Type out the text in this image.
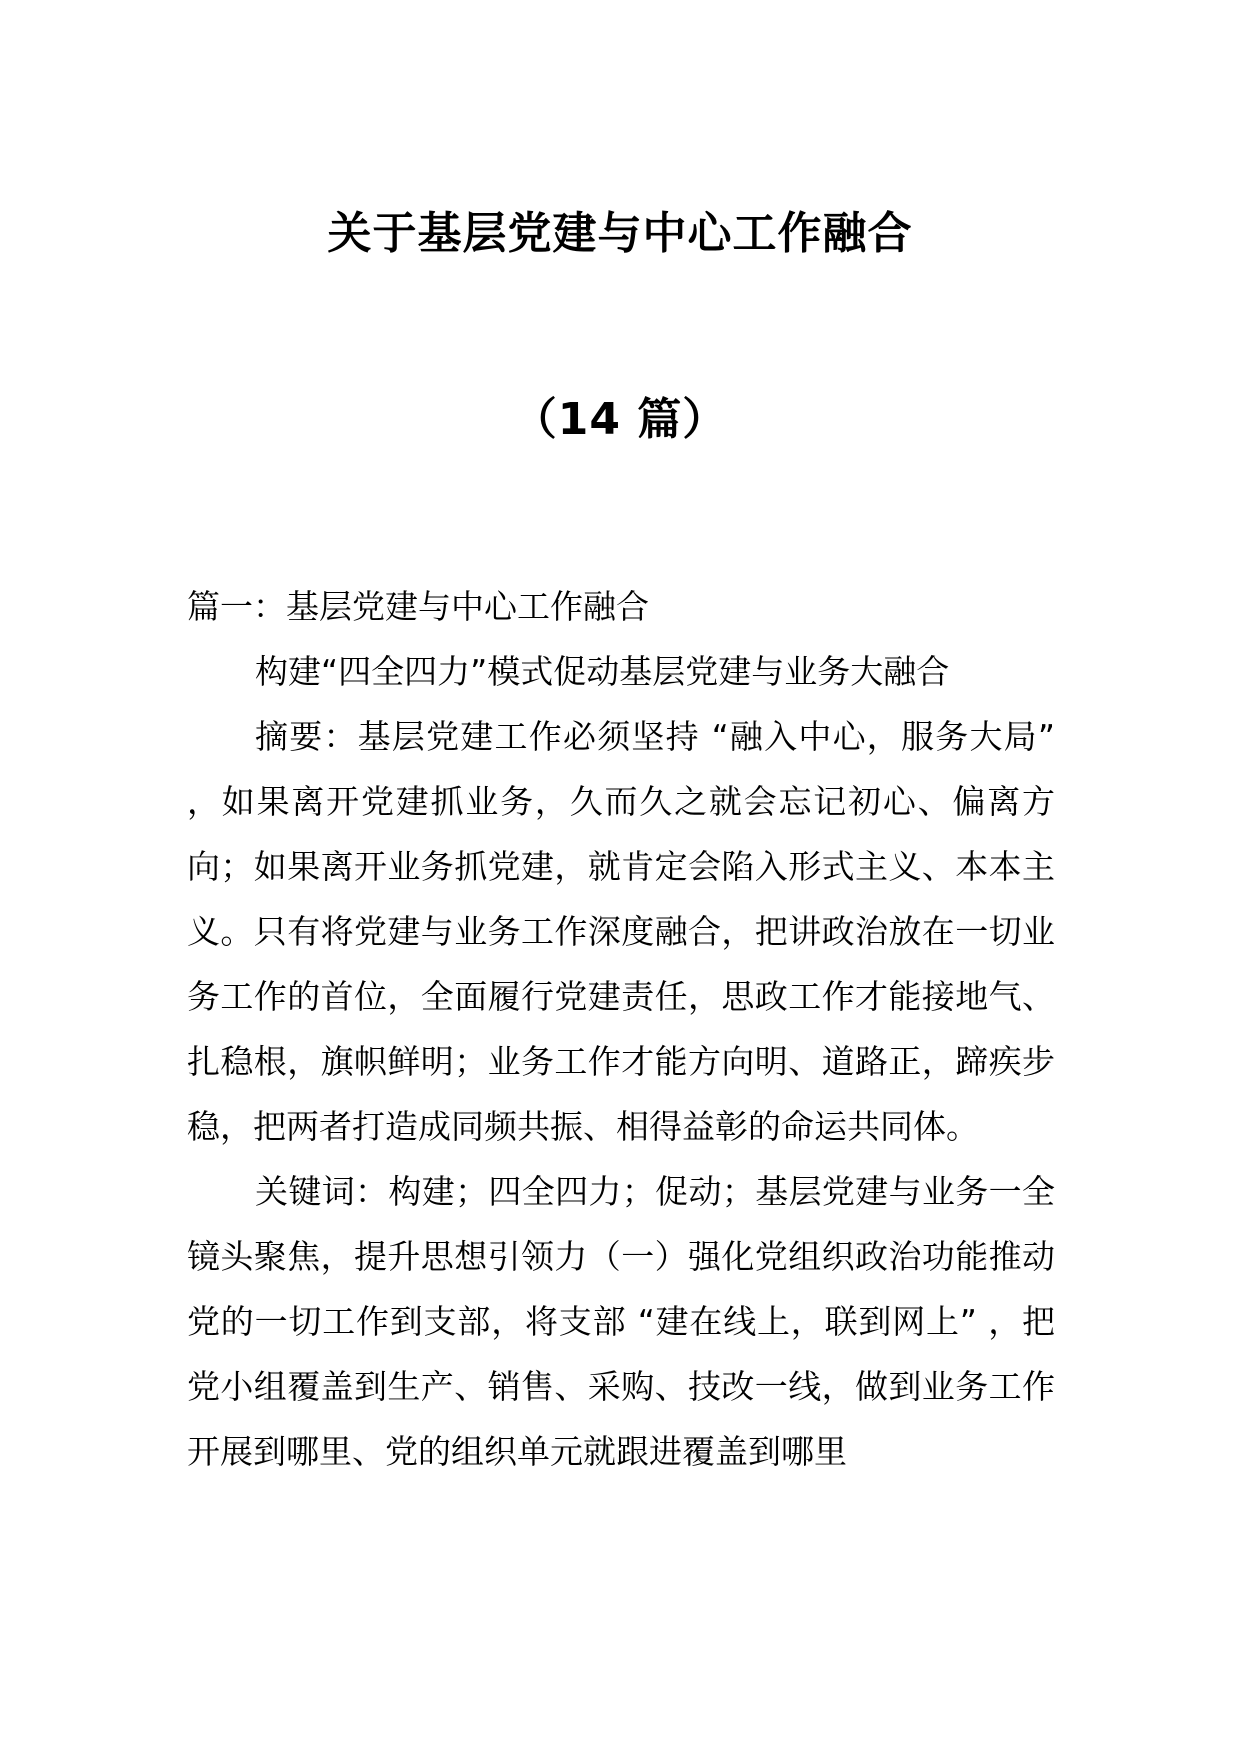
关于基层党建与中心工作融合
（14 篇）

篇一：基层党建与中心工作融合

构建“四全四力”模式促动基层党建与业务大融合

摘要：基层党建工作必须坚持 “融入中心，服务大局” ，如果离开党建抓业务，久而久之就会忘记初心、偏离方向；如果离开业务抓党建，就肯定会陷入形式主义、本本主义。只有将党建与业务工作深度融合，把讲政治放在一切业务工作的首位，全面履行党建责任，思政工作才能接地气、扎稳根，旗帜鲜明；业务工作才能方向明、道路正，蹄疾步稳，把两者打造成同频共振、相得益彰的命运共同体。

关键词：构建；四全四力；促动；基层党建与业务一全镜头聚焦，提升思想引领力（一）强化党组织政治功能推动党的一切工作到支部，将支部 “建在线上，联到网上” ，把党小组覆盖到生产、销售、采购、技改一线，做到业务工作开展到哪里、党的组织单元就跟进覆盖到哪里
